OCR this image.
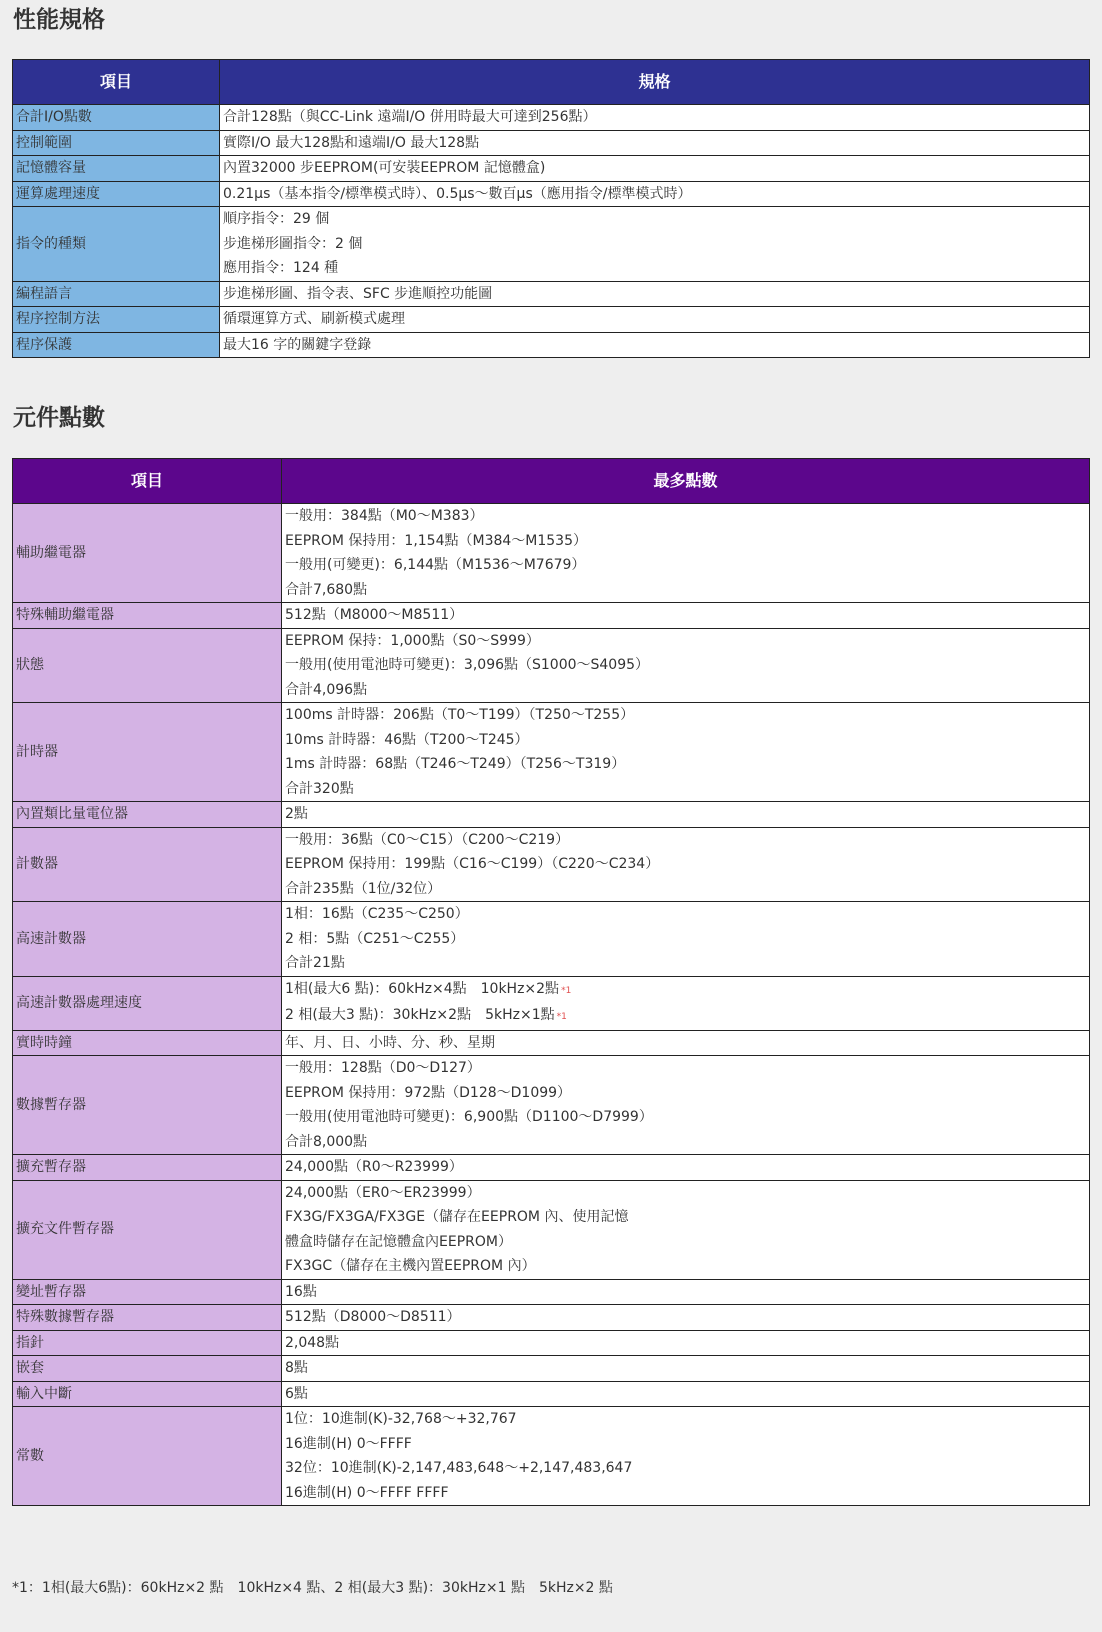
性能規格
項目	規格
合計I/O點數	合計128點（與CC-Link 遠端I/O 併用時最大可達到256點）

控制範圍	實際I/O 最大128點和遠端I/O 最大128點

記憶體容量	內置32000 步EEPROM(可安裝EEPROM 記憶體盒)

運算處理速度	0.21μs（基本指令/標準模式時）、0.5μs～數百μs（應用指令/標準模式時）

指令的種類	順序指令：29 個
步進梯形圖指令：2 個
應用指令：124 種

編程語言	步進梯形圖、指令表、SFC 步進順控功能圖

程序控制方法	循環運算方式、刷新模式處理

程序保護	最大16 字的關鍵字登錄
元件點數
項目	最多點數
輔助繼電器	一般用：384點（M0～M383）
EEPROM 保持用：1,154點（M384～M1535）
一般用(可變更)：6,144點（M1536～M7679）
合計7,680點

特殊輔助繼電器	512點（M8000～M8511）

狀態	EEPROM 保持：1,000點（S0～S999）
一般用(使用電池時可變更)：3,096點（S1000～S4095）
合計4,096點

計時器	100ms 計時器：206點（T0～T199）（T250～T255）
10ms 計時器：46點（T200～T245）
1ms 計時器：68點（T246～T249）（T256～T319）
合計320點

內置類比量電位器	2點

計數器	一般用：36點（C0～C15）（C200～C219）
EEPROM 保持用：199點（C16～C199）（C220～C234）
合計235點（1位/32位）

高速計數器	1相：16點（C235～C250）
2 相：5點（C251～C255）
合計21點

高速計數器處理速度	1相(最大6 點)：60kHz×4點　10kHz×2點 *1
2 相(最大3 點)：30kHz×2點　5kHz×1點 *1

實時時鐘	年、月、日、小時、分、秒、星期

數據暫存器	一般用：128點（D0～D127）
EEPROM 保持用：972點（D128～D1099）
一般用(使用電池時可變更)：6,900點（D1100～D7999）
合計8,000點

擴充暫存器	24,000點（R0～R23999）

擴充文件暫存器	24,000點（ER0～ER23999）
FX3G/FX3GA/FX3GE（儲存在EEPROM 內、使用記憶
體盒時儲存在記憶體盒內EEPROM）
FX3GC（儲存在主機內置EEPROM 內）

變址暫存器	16點

特殊數據暫存器	512點（D8000～D8511）

指針	2,048點

嵌套	8點

輸入中斷	6點

常數	1位：10進制(K)-32,768～+32,767
16進制(H) 0～FFFF
32位：10進制(K)-2,147,483,648～+2,147,483,647
16進制(H) 0～FFFF FFFF
*1：1相(最大6點)：60kHz×2 點　10kHz×4 點、2 相(最大3 點)：30kHz×1 點　5kHz×2 點
